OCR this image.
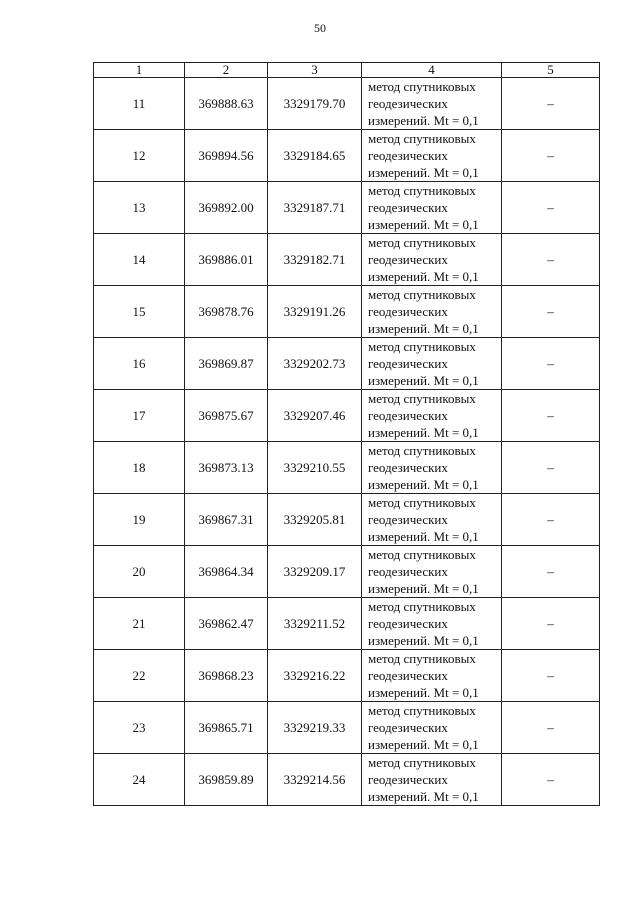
50
1	2	3	4	5
11	369888.63	3329179.70	метод спутниковых
геодезических
измерений. Mt = 0,1	–
12	369894.56	3329184.65	метод спутниковых
геодезических
измерений. Mt = 0,1	–
13	369892.00	3329187.71	метод спутниковых
геодезических
измерений. Mt = 0,1	–
14	369886.01	3329182.71	метод спутниковых
геодезических
измерений. Mt = 0,1	–
15	369878.76	3329191.26	метод спутниковых
геодезических
измерений. Mt = 0,1	–
16	369869.87	3329202.73	метод спутниковых
геодезических
измерений. Mt = 0,1	–
17	369875.67	3329207.46	метод спутниковых
геодезических
измерений. Mt = 0,1	–
18	369873.13	3329210.55	метод спутниковых
геодезических
измерений. Mt = 0,1	–
19	369867.31	3329205.81	метод спутниковых
геодезических
измерений. Mt = 0,1	–
20	369864.34	3329209.17	метод спутниковых
геодезических
измерений. Mt = 0,1	–
21	369862.47	3329211.52	метод спутниковых
геодезических
измерений. Mt = 0,1	–
22	369868.23	3329216.22	метод спутниковых
геодезических
измерений. Mt = 0,1	–
23	369865.71	3329219.33	метод спутниковых
геодезических
измерений. Mt = 0,1	–
24	369859.89	3329214.56	метод спутниковых
геодезических
измерений. Mt = 0,1	–
